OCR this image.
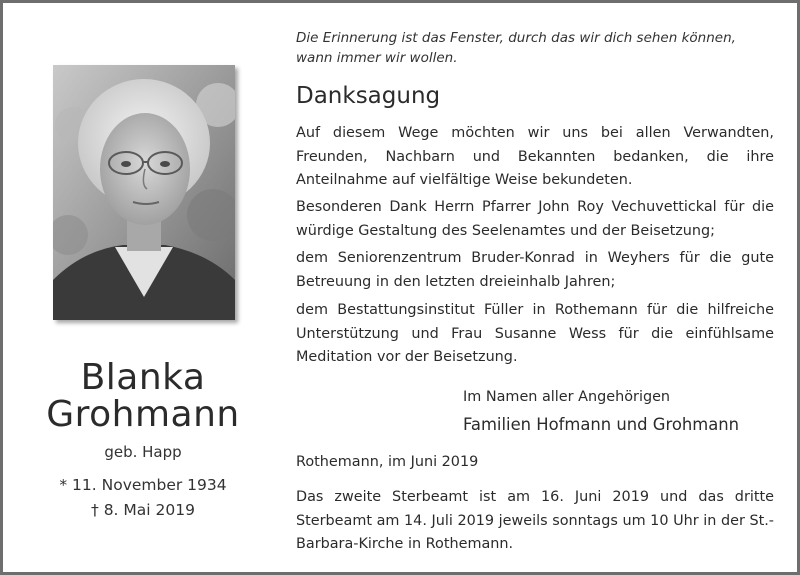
Blanka
Grohmann
geb. Happ
* 11. November 1934
† 8. Mai 2019
Die Erinnerung ist das Fenster, durch das wir dich sehen können, wann immer wir wollen.
Danksagung
Auf diesem Wege möchten wir uns bei allen Verwandten, Freunden, Nachbarn und Bekannten bedanken, die ihre Anteilnahme auf vielfältige Weise bekundeten.
Besonderen Dank Herrn Pfarrer John Roy Vechuvettickal für die würdige Gestaltung des Seelenamtes und der Beisetzung;
dem Seniorenzentrum Bruder-Konrad in Weyhers für die gute Betreuung in den letzten dreieinhalb Jahren;
dem Bestattungsinstitut Füller in Rothemann für die hilfreiche Unterstützung und Frau Susanne Wess für die einfühlsame Meditation vor der Beisetzung.
Im Namen aller Angehörigen
Familien Hofmann und Grohmann
Rothemann, im Juni 2019
Das zweite Sterbeamt ist am 16. Juni 2019 und das dritte Sterbeamt am 14. Juli 2019 jeweils sonntags um 10 Uhr in der St.-Barbara-Kirche in Rothemann.
